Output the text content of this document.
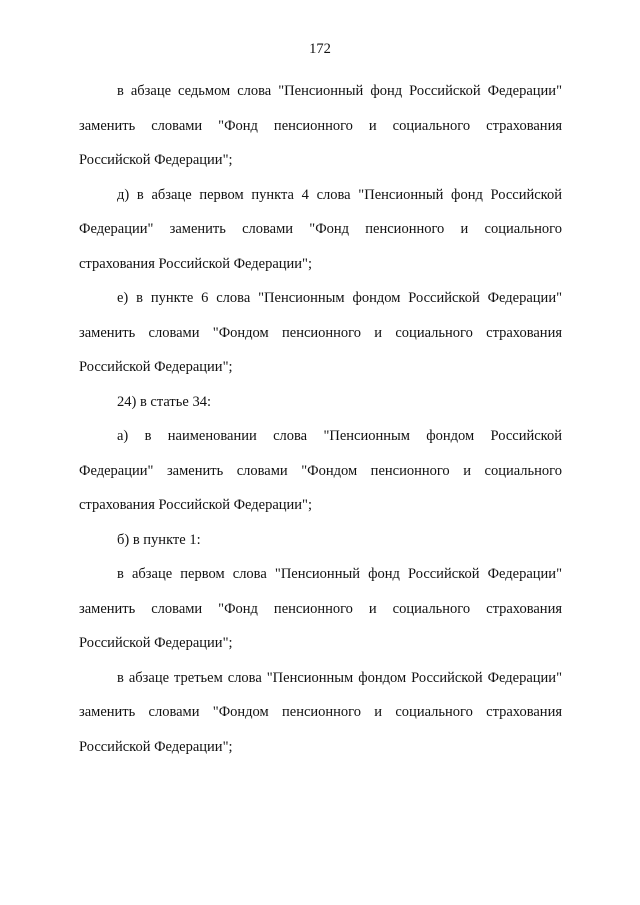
172

в абзаце седьмом слова "Пенсионный фонд Российской Федерации" заменить словами "Фонд пенсионного и социального страхования Российской Федерации";

д) в абзаце первом пункта 4 слова "Пенсионный фонд Российской Федерации" заменить словами "Фонд пенсионного и социального страхования Российской Федерации";

е) в пункте 6 слова "Пенсионным фондом Российской Федерации" заменить словами "Фондом пенсионного и социального страхования Российской Федерации";

24) в статье 34:

а) в наименовании слова "Пенсионным фондом Российской Федерации" заменить словами "Фондом пенсионного и социального страхования Российской Федерации";

б) в пункте 1:

в абзаце первом слова "Пенсионный фонд Российской Федерации" заменить словами "Фонд пенсионного и социального страхования Российской Федерации";

в абзаце третьем слова "Пенсионным фондом Российской Федерации" заменить словами "Фондом пенсионного и социального страхования Российской Федерации";
